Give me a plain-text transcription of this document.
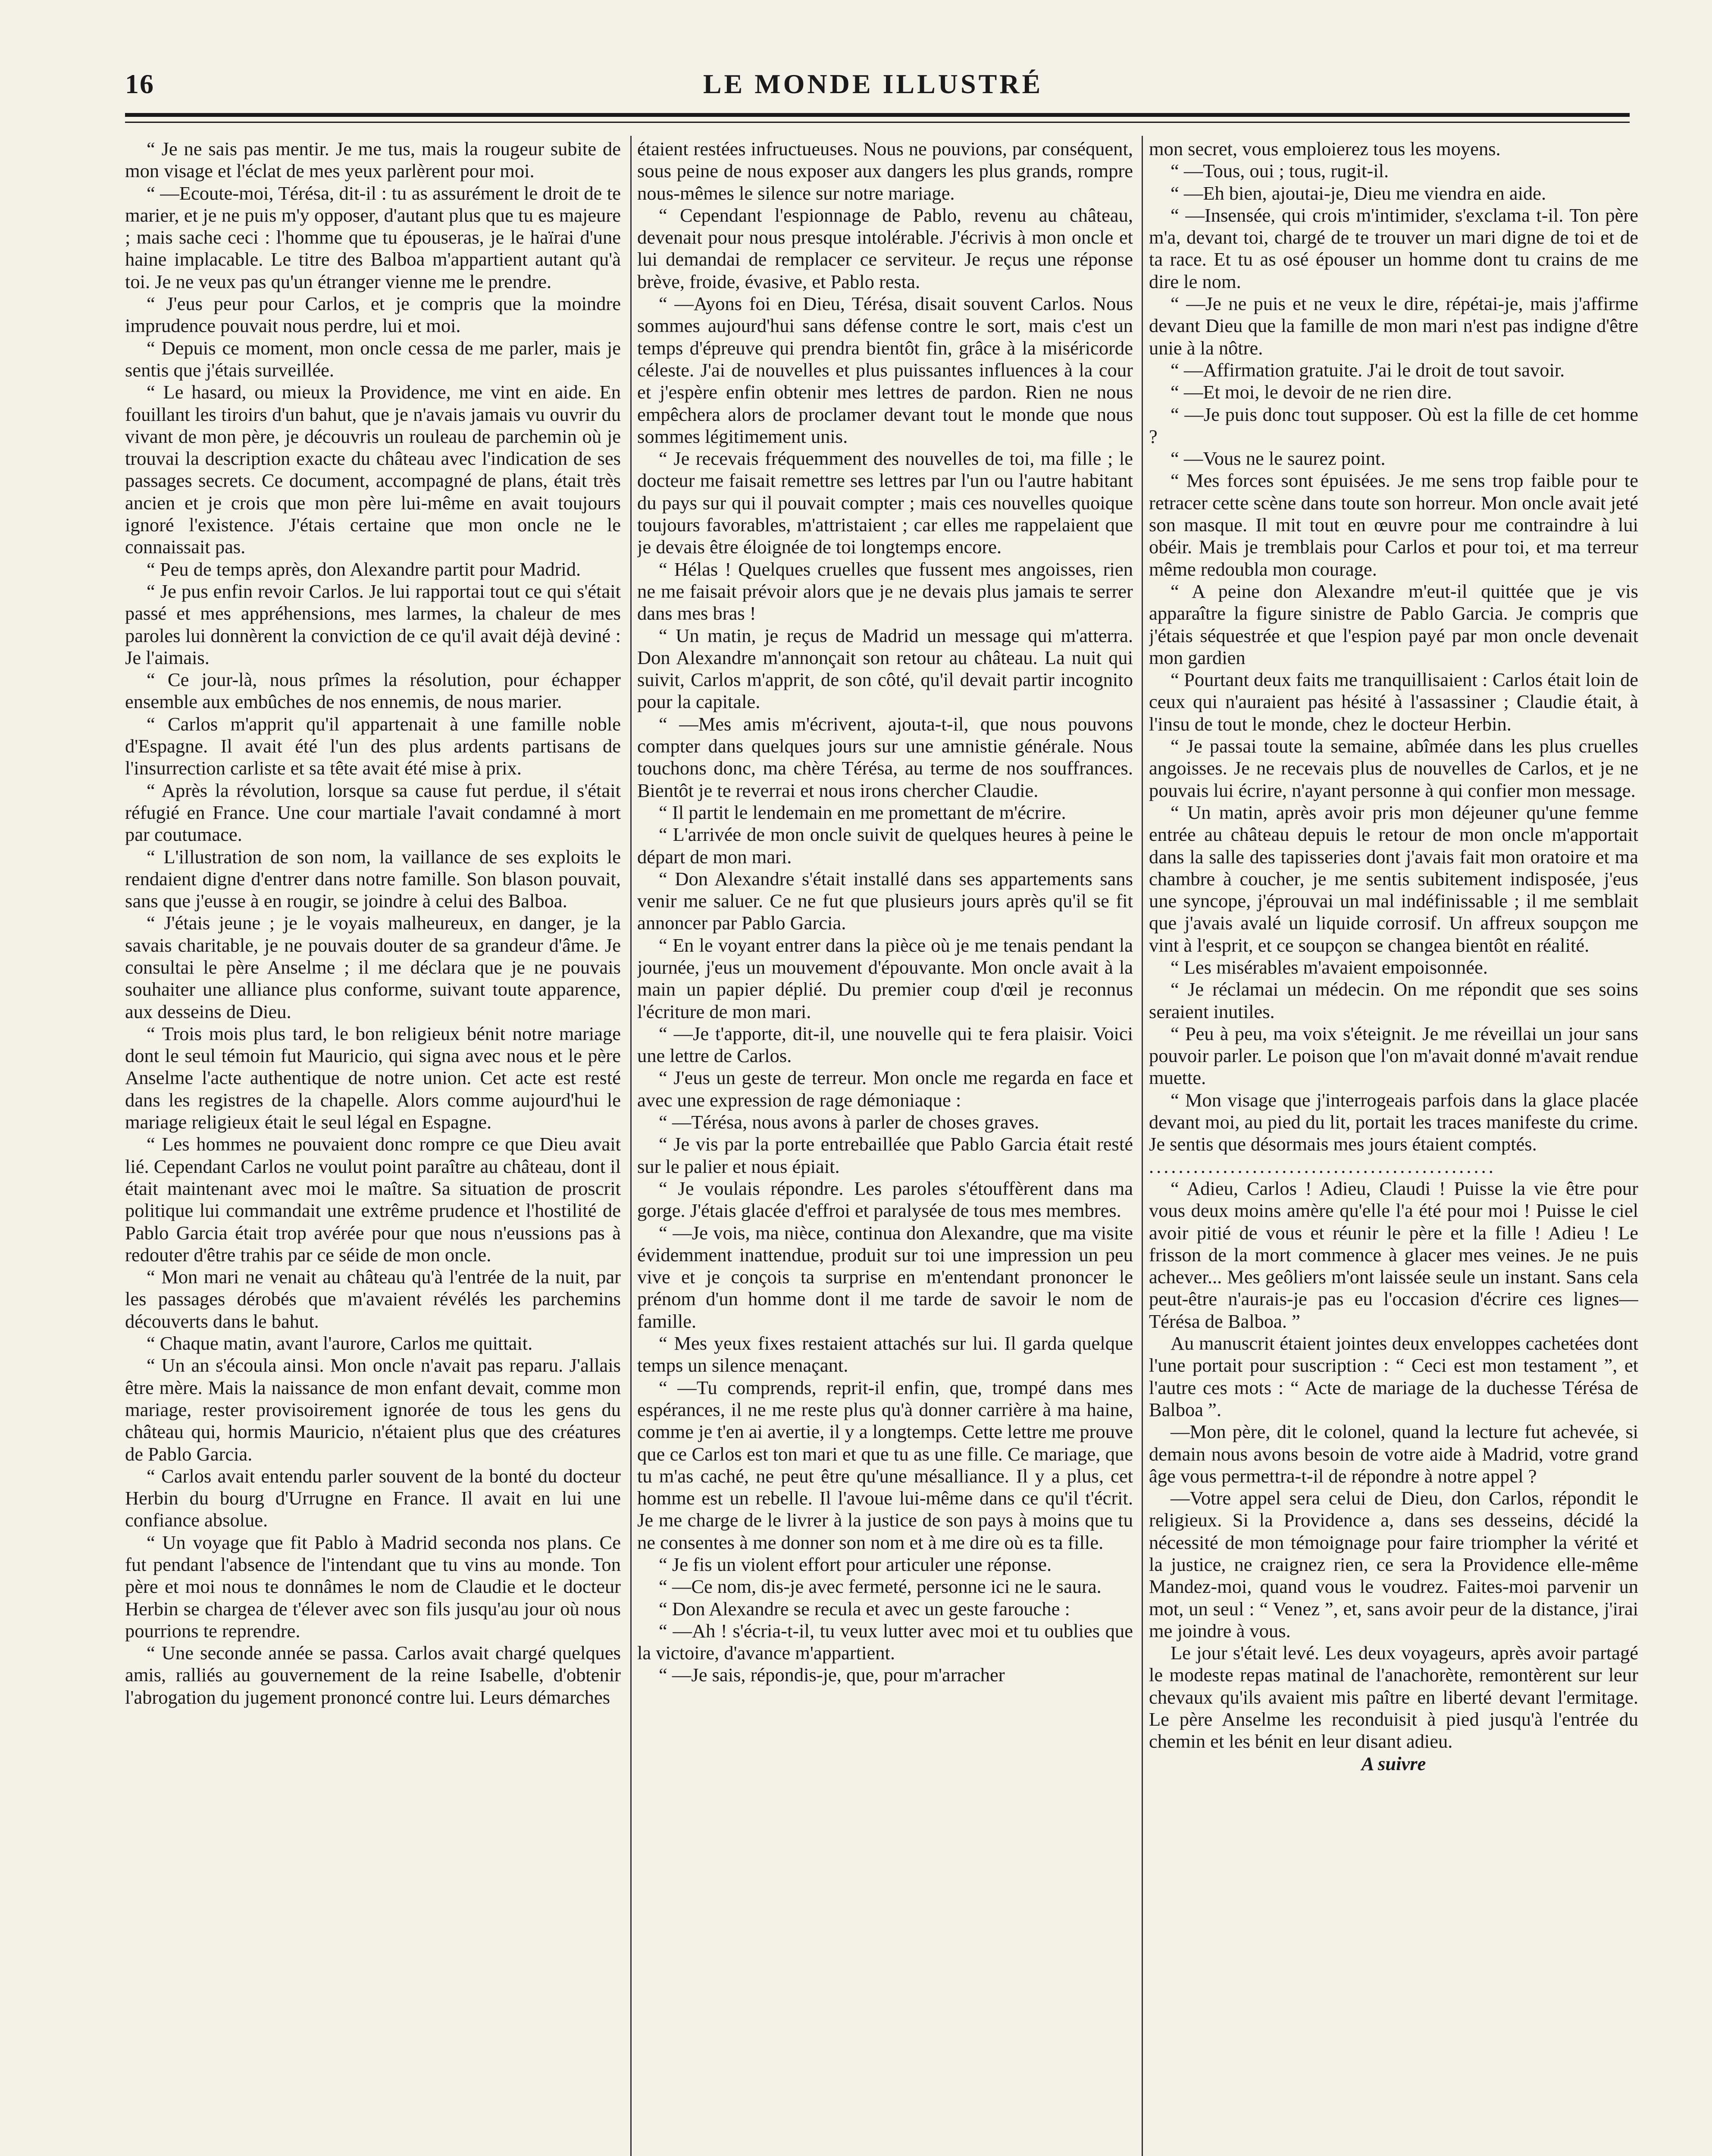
16	LE MONDE ILLUSTRÉ

“ Je ne sais pas mentir. Je me tus, mais la rougeur subite de mon visage et l'éclat de mes yeux parlèrent pour moi.

“ —Ecoute-moi, Térésa, dit-il : tu as assurément le droit de te marier, et je ne puis m'y opposer, d'autant plus que tu es majeure ; mais sache ceci : l'homme que tu épouseras, je le haïrai d'une haine implacable. Le titre des Balboa m'appartient autant qu'à toi. Je ne veux pas qu'un étranger vienne me le prendre.

“ J'eus peur pour Carlos, et je compris que la moindre imprudence pouvait nous perdre, lui et moi.

“ Depuis ce moment, mon oncle cessa de me parler, mais je sentis que j'étais surveillée.

“ Le hasard, ou mieux la Providence, me vint en aide. En fouillant les tiroirs d'un bahut, que je n'avais jamais vu ouvrir du vivant de mon père, je découvris un rouleau de parchemin où je trouvai la description exacte du château avec l'indication de ses passages secrets. Ce document, accompagné de plans, était très ancien et je crois que mon père lui-même en avait toujours ignoré l'existence. J'étais certaine que mon oncle ne le connaissait pas.

“ Peu de temps après, don Alexandre partit pour Madrid.

“ Je pus enfin revoir Carlos. Je lui rapportai tout ce qui s'était passé et mes appréhensions, mes larmes, la chaleur de mes paroles lui donnèrent la conviction de ce qu'il avait déjà deviné : Je l'aimais.

“ Ce jour-là, nous prîmes la résolution, pour échapper ensemble aux embûches de nos ennemis, de nous marier.

“ Carlos m'apprit qu'il appartenait à une famille noble d'Espagne. Il avait été l'un des plus ardents partisans de l'insurrection carliste et sa tête avait été mise à prix.

“ Après la révolution, lorsque sa cause fut perdue, il s'était réfugié en France. Une cour martiale l'avait condamné à mort par coutumace.

“ L'illustration de son nom, la vaillance de ses exploits le rendaient digne d'entrer dans notre famille. Son blason pouvait, sans que j'eusse à en rougir, se joindre à celui des Balboa.

“ J'étais jeune ; je le voyais malheureux, en danger, je la savais charitable, je ne pouvais douter de sa grandeur d'âme. Je consultai le père Anselme ; il me déclara que je ne pouvais souhaiter une alliance plus conforme, suivant toute apparence, aux desseins de Dieu.

“ Trois mois plus tard, le bon religieux bénit notre mariage dont le seul témoin fut Mauricio, qui signa avec nous et le père Anselme l'acte authentique de notre union. Cet acte est resté dans les registres de la chapelle. Alors comme aujourd'hui le mariage religieux était le seul légal en Espagne.

“ Les hommes ne pouvaient donc rompre ce que Dieu avait lié. Cependant Carlos ne voulut point paraître au château, dont il était maintenant avec moi le maître. Sa situation de proscrit politique lui commandait une extrême prudence et l'hostilité de Pablo Garcia était trop avérée pour que nous n'eussions pas à redouter d'être trahis par ce séide de mon oncle.

“ Mon mari ne venait au château qu'à l'entrée de la nuit, par les passages dérobés que m'avaient révélés les parchemins découverts dans le bahut.

“ Chaque matin, avant l'aurore, Carlos me quittait.

“ Un an s'écoula ainsi. Mon oncle n'avait pas reparu. J'allais être mère. Mais la naissance de mon enfant devait, comme mon mariage, rester provisoirement ignorée de tous les gens du château qui, hormis Mauricio, n'étaient plus que des créatures de Pablo Garcia.

“ Carlos avait entendu parler souvent de la bonté du docteur Herbin du bourg d'Urrugne en France. Il avait en lui une confiance absolue.

“ Un voyage que fit Pablo à Madrid seconda nos plans. Ce fut pendant l'absence de l'intendant que tu vins au monde. Ton père et moi nous te donnâmes le nom de Claudie et le docteur Herbin se chargea de t'élever avec son fils jusqu'au jour où nous pourrions te reprendre.

“ Une seconde année se passa. Carlos avait chargé quelques amis, ralliés au gouvernement de la reine Isabelle, d'obtenir l'abrogation du jugement prononcé contre lui. Leurs démarches

étaient restées infructueuses. Nous ne pouvions, par conséquent, sous peine de nous exposer aux dangers les plus grands, rompre nous-mêmes le silence sur notre mariage.

“ Cependant l'espionnage de Pablo, revenu au château, devenait pour nous presque intolérable. J'écrivis à mon oncle et lui demandai de remplacer ce serviteur. Je reçus une réponse brève, froide, évasive, et Pablo resta.

“ —Ayons foi en Dieu, Térésa, disait souvent Carlos. Nous sommes aujourd'hui sans défense contre le sort, mais c'est un temps d'épreuve qui prendra bientôt fin, grâce à la miséricorde céleste. J'ai de nouvelles et plus puissantes influences à la cour et j'espère enfin obtenir mes lettres de pardon. Rien ne nous empêchera alors de proclamer devant tout le monde que nous sommes légitimement unis.

“ Je recevais fréquemment des nouvelles de toi, ma fille ; le docteur me faisait remettre ses lettres par l'un ou l'autre habitant du pays sur qui il pouvait compter ; mais ces nouvelles quoique toujours favorables, m'attristaient ; car elles me rappelaient que je devais être éloignée de toi longtemps encore.

“ Hélas ! Quelques cruelles que fussent mes angoisses, rien ne me faisait prévoir alors que je ne devais plus jamais te serrer dans mes bras !

“ Un matin, je reçus de Madrid un message qui m'atterra. Don Alexandre m'annonçait son retour au château. La nuit qui suivit, Carlos m'apprit, de son côté, qu'il devait partir incognito pour la capitale.

“ —Mes amis m'écrivent, ajouta-t-il, que nous pouvons compter dans quelques jours sur une amnistie générale. Nous touchons donc, ma chère Térésa, au terme de nos souffrances. Bientôt je te reverrai et nous irons chercher Claudie.

“ Il partit le lendemain en me promettant de m'écrire.

“ L'arrivée de mon oncle suivit de quelques heures à peine le départ de mon mari.

“ Don Alexandre s'était installé dans ses appartements sans venir me saluer. Ce ne fut que plusieurs jours après qu'il se fit annoncer par Pablo Garcia.

“ En le voyant entrer dans la pièce où je me tenais pendant la journée, j'eus un mouvement d'épouvante. Mon oncle avait à la main un papier déplié. Du premier coup d'œil je reconnus l'écriture de mon mari.

“ —Je t'apporte, dit-il, une nouvelle qui te fera plaisir. Voici une lettre de Carlos.

“ J'eus un geste de terreur. Mon oncle me regarda en face et avec une expression de rage démoniaque :

“ —Térésa, nous avons à parler de choses graves.

“ Je vis par la porte entrebaillée que Pablo Garcia était resté sur le palier et nous épiait.

“ Je voulais répondre. Les paroles s'étouffèrent dans ma gorge. J'étais glacée d'effroi et paralysée de tous mes membres.

“ —Je vois, ma nièce, continua don Alexandre, que ma visite évidemment inattendue, produit sur toi une impression un peu vive et je conçois ta surprise en m'entendant prononcer le prénom d'un homme dont il me tarde de savoir le nom de famille.

“ Mes yeux fixes restaient attachés sur lui. Il garda quelque temps un silence menaçant.

“ —Tu comprends, reprit-il enfin, que, trompé dans mes espérances, il ne me reste plus qu'à donner carrière à ma haine, comme je t'en ai avertie, il y a longtemps. Cette lettre me prouve que ce Carlos est ton mari et que tu as une fille. Ce mariage, que tu m'as caché, ne peut être qu'une mésalliance. Il y a plus, cet homme est un rebelle. Il l'avoue lui-même dans ce qu'il t'écrit. Je me charge de le livrer à la justice de son pays à moins que tu ne consentes à me donner son nom et à me dire où es ta fille.

“ Je fis un violent effort pour articuler une réponse.

“ —Ce nom, dis-je avec fermeté, personne ici ne le saura.

“ Don Alexandre se recula et avec un geste farouche :

“ —Ah ! s'écria-t-il, tu veux lutter avec moi et tu oublies que la victoire, d'avance m'appartient.

“ —Je sais, répondis-je, que, pour m'arracher

mon secret, vous emploierez tous les moyens.

“ —Tous, oui ; tous, rugit-il.

“ —Eh bien, ajoutai-je, Dieu me viendra en aide.

“ —Insensée, qui crois m'intimider, s'exclama t-il. Ton père m'a, devant toi, chargé de te trouver un mari digne de toi et de ta race. Et tu as osé épouser un homme dont tu crains de me dire le nom.

“ —Je ne puis et ne veux le dire, répétai-je, mais j'affirme devant Dieu que la famille de mon mari n'est pas indigne d'être unie à la nôtre.

“ —Affirmation gratuite. J'ai le droit de tout savoir.

“ —Et moi, le devoir de ne rien dire.

“ —Je puis donc tout supposer. Où est la fille de cet homme ?

“ —Vous ne le saurez point.

“ Mes forces sont épuisées. Je me sens trop faible pour te retracer cette scène dans toute son horreur. Mon oncle avait jeté son masque. Il mit tout en œuvre pour me contraindre à lui obéir. Mais je tremblais pour Carlos et pour toi, et ma terreur même redoubla mon courage.

“ A peine don Alexandre m'eut-il quittée que je vis apparaître la figure sinistre de Pablo Garcia. Je compris que j'étais séquestrée et que l'espion payé par mon oncle devenait mon gardien

“ Pourtant deux faits me tranquillisaient : Carlos était loin de ceux qui n'auraient pas hésité à l'assassiner ; Claudie était, à l'insu de tout le monde, chez le docteur Herbin.

“ Je passai toute la semaine, abîmée dans les plus cruelles angoisses. Je ne recevais plus de nouvelles de Carlos, et je ne pouvais lui écrire, n'ayant personne à qui confier mon message.

“ Un matin, après avoir pris mon déjeuner qu'une femme entrée au château depuis le retour de mon oncle m'apportait dans la salle des tapisseries dont j'avais fait mon oratoire et ma chambre à coucher, je me sentis subitement indisposée, j'eus une syncope, j'éprouvai un mal indéfinissable ; il me semblait que j'avais avalé un liquide corrosif. Un affreux soupçon me vint à l'esprit, et ce soupçon se changea bientôt en réalité.

“ Les misérables m'avaient empoisonnée.

“ Je réclamai un médecin. On me répondit que ses soins seraient inutiles.

“ Peu à peu, ma voix s'éteignit. Je me réveillai un jour sans pouvoir parler. Le poison que l'on m'avait donné m'avait rendue muette.

“ Mon visage que j'interrogeais parfois dans la glace placée devant moi, au pied du lit, portait les traces manifeste du crime. Je sentis que désormais mes jours étaient comptés.

...............................................

“ Adieu, Carlos ! Adieu, Claudi ! Puisse la vie être pour vous deux moins amère qu'elle l'a été pour moi ! Puisse le ciel avoir pitié de vous et réunir le père et la fille ! Adieu ! Le frisson de la mort commence à glacer mes veines. Je ne puis achever... Mes geôliers m'ont laissée seule un instant. Sans cela peut-être n'aurais-je pas eu l'occasion d'écrire ces lignes—Térésa de Balboa. ”

Au manuscrit étaient jointes deux enveloppes cachetées dont l'une portait pour suscription : “ Ceci est mon testament ”, et l'autre ces mots : “ Acte de mariage de la duchesse Térésa de Balboa ”.

—Mon père, dit le colonel, quand la lecture fut achevée, si demain nous avons besoin de votre aide à Madrid, votre grand âge vous permettra-t-il de répondre à notre appel ?

—Votre appel sera celui de Dieu, don Carlos, répondit le religieux. Si la Providence a, dans ses desseins, décidé la nécessité de mon témoignage pour faire triompher la vérité et la justice, ne craignez rien, ce sera la Providence elle-même Mandez-moi, quand vous le voudrez. Faites-moi parvenir un mot, un seul : “ Venez ”, et, sans avoir peur de la distance, j'irai me joindre à vous.

Le jour s'était levé. Les deux voyageurs, après avoir partagé le modeste repas matinal de l'anachorète, remontèrent sur leur chevaux qu'ils avaient mis paître en liberté devant l'ermitage. Le père Anselme les reconduisit à pied jusqu'à l'entrée du chemin et les bénit en leur disant adieu.

A suivre
